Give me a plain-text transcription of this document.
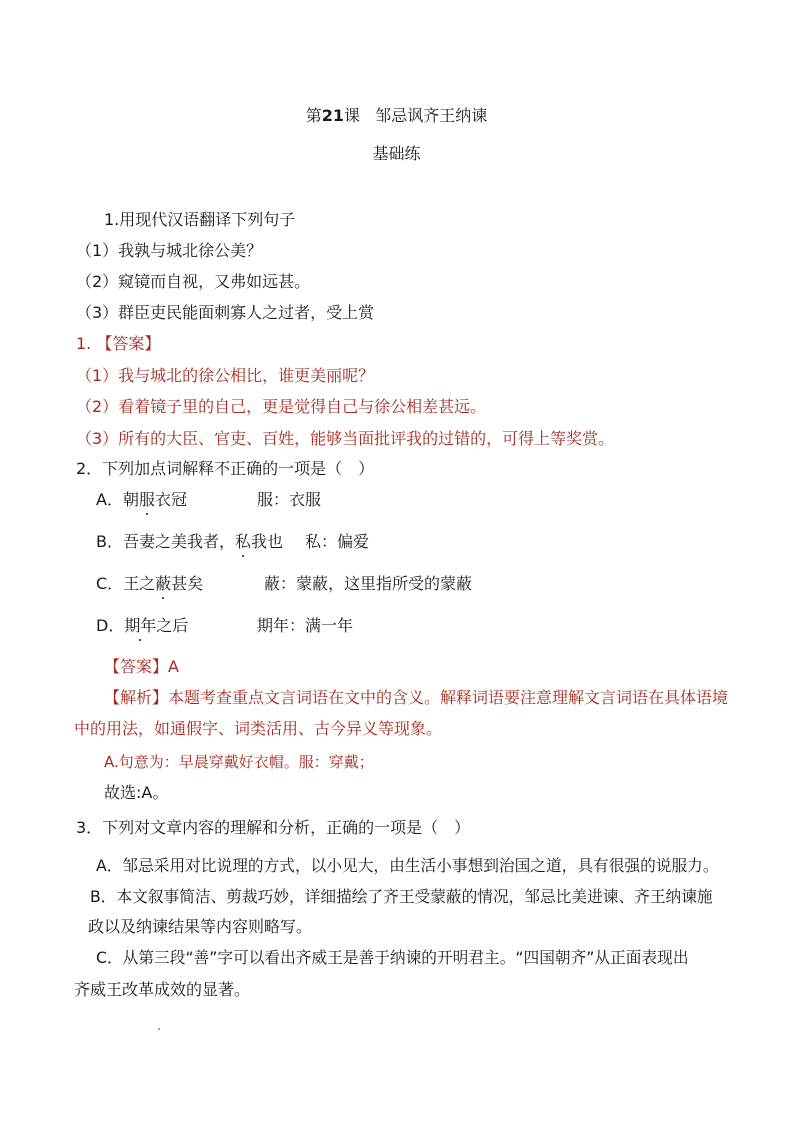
第21课 邹忌讽齐王纳谏
基础练
1.用现代汉语翻译下列句子
（1）我孰与城北徐公美？
（2）窥镜而自视，又弗如远甚。
（3）群臣吏民能面刺寡人之过者，受上赏
1. 【答案】
（1）我与城北的徐公相比，谁更美丽呢？
（2）看着镜子里的自己，更是觉得自己与徐公相差甚远。
（3）所有的大臣、官吏、百姓，能够当面批评我的过错的，可得上等奖赏。
2．下列加点词解释不正确的一项是（　）
A．朝服衣冠	服：衣服
B．吾妻之美我者，私我也 私：偏爱
C．王之蔽甚矣	蔽：蒙蔽，这里指所受的蒙蔽
D．期年之后	期年：满一年
【答案】A
【解析】本题考查重点文言词语在文中的含义。解释词语要注意理解文言词语在具体语境
中的用法，如通假字、词类活用、古今异义等现象。
A.句意为：早晨穿戴好衣帽。服：穿戴；
故选:A。
3．下列对文章内容的理解和分析，正确的一项是（　）
A．邹忌采用对比说理的方式，以小见大，由生活小事想到治国之道，具有很强的说服力。
B．本文叙事简洁、剪裁巧妙，详细描绘了齐王受蒙蔽的情况，邹忌比美进谏、齐王纳谏施
政以及纳谏结果等内容则略写。
C．从第三段“善”字可以看出齐威王是善于纳谏的开明君主。“四国朝齐”从正面表现出
齐威王改革成效的显著。
